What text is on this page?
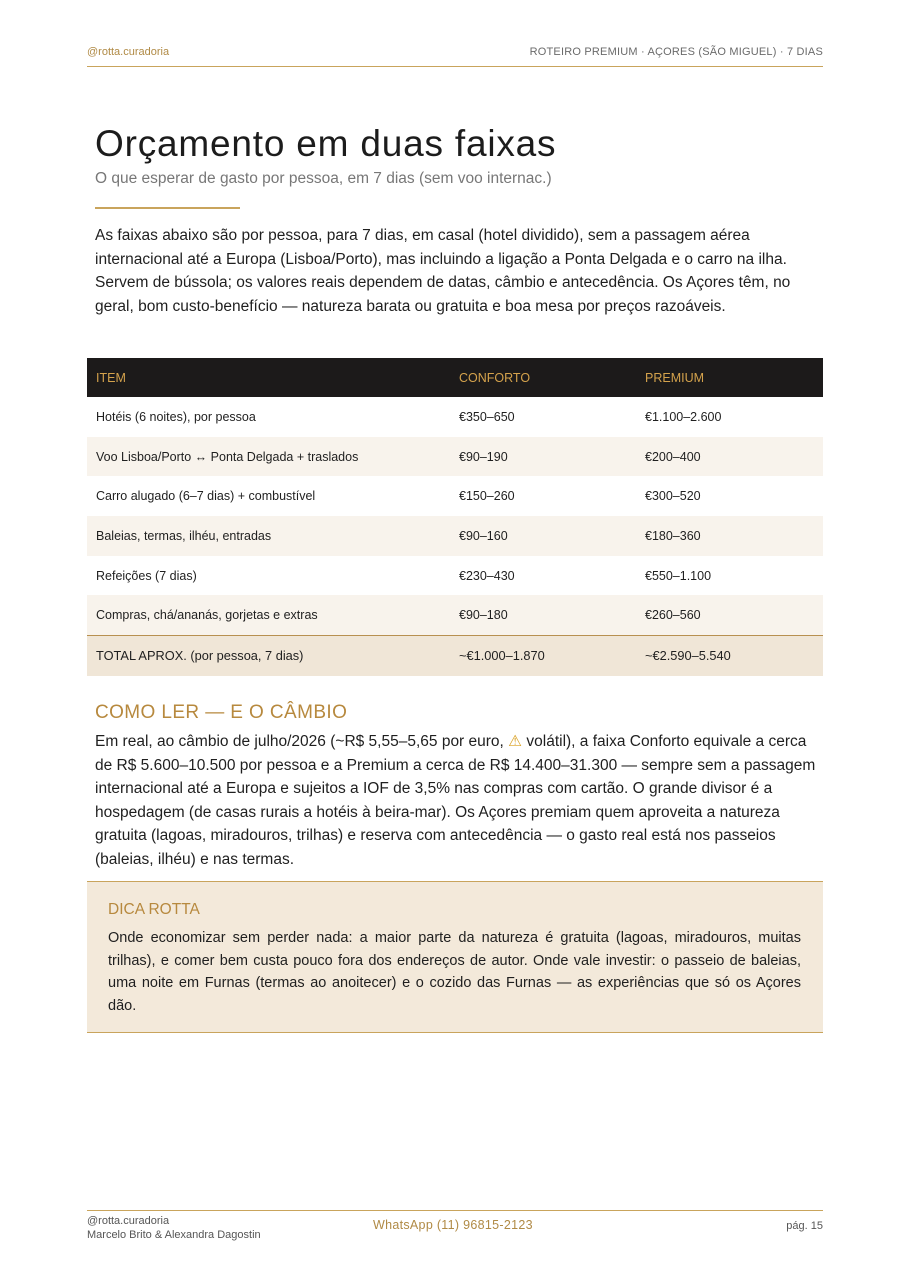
@rotta.curadoria	ROTEIRO PREMIUM · AÇORES (SÃO MIGUEL) · 7 DIAS
Orçamento em duas faixas

O que esperar de gasto por pessoa, em 7 dias (sem voo internac.)

As faixas abaixo são por pessoa, para 7 dias, em casal (hotel dividido), sem a passagem aérea internacional até a Europa (Lisboa/Porto), mas incluindo a ligação a Ponta Delgada e o carro na ilha. Servem de bússola; os valores reais dependem de datas, câmbio e antecedência. Os Açores têm, no geral, bom custo-benefício — natureza barata ou gratuita e boa mesa por preços razoáveis.

ITEM	CONFORTO	PREMIUM
Hotéis (6 noites), por pessoa	€350–650	€1.100–2.600
Voo Lisboa/Porto ↔ Ponta Delgada + traslados	€90–190	€200–400
Carro alugado (6–7 dias) + combustível	€150–260	€300–520
Baleias, termas, ilhéu, entradas	€90–160	€180–360
Refeições (7 dias)	€230–430	€550–1.100
Compras, chá/ananás, gorjetas e extras	€90–180	€260–560
TOTAL APROX. (por pessoa, 7 dias)	~€1.000–1.870	~€2.590–5.540
COMO LER — E O CÂMBIO

Em real, ao câmbio de julho/2026 (~R$ 5,55–5,65 por euro, ⚠ volátil), a faixa Conforto equivale a cerca de R$ 5.600–10.500 por pessoa e a Premium a cerca de R$ 14.400–31.300 — sempre sem a passagem internacional até a Europa e sujeitos a IOF de 3,5% nas compras com cartão. O grande divisor é a hospedagem (de casas rurais a hotéis à beira-mar). Os Açores premiam quem aproveita a natureza gratuita (lagoas, miradouros, trilhas) e reserva com antecedência — o gasto real está nos passeios (baleias, ilhéu) e nas termas.

DICA ROTTA

Onde economizar sem perder nada: a maior parte da natureza é gratuita (lagoas, miradouros, muitas trilhas), e comer bem custa pouco fora dos endereços de autor. Onde vale investir: o passeio de baleias, uma noite em Furnas (termas ao anoitecer) e o cozido das Furnas — as experiências que só os Açores dão.

@rotta.curadoria
Marcelo Brito & Alexandra Dagostin
WhatsApp (11) 96815-2123	pág. 15
